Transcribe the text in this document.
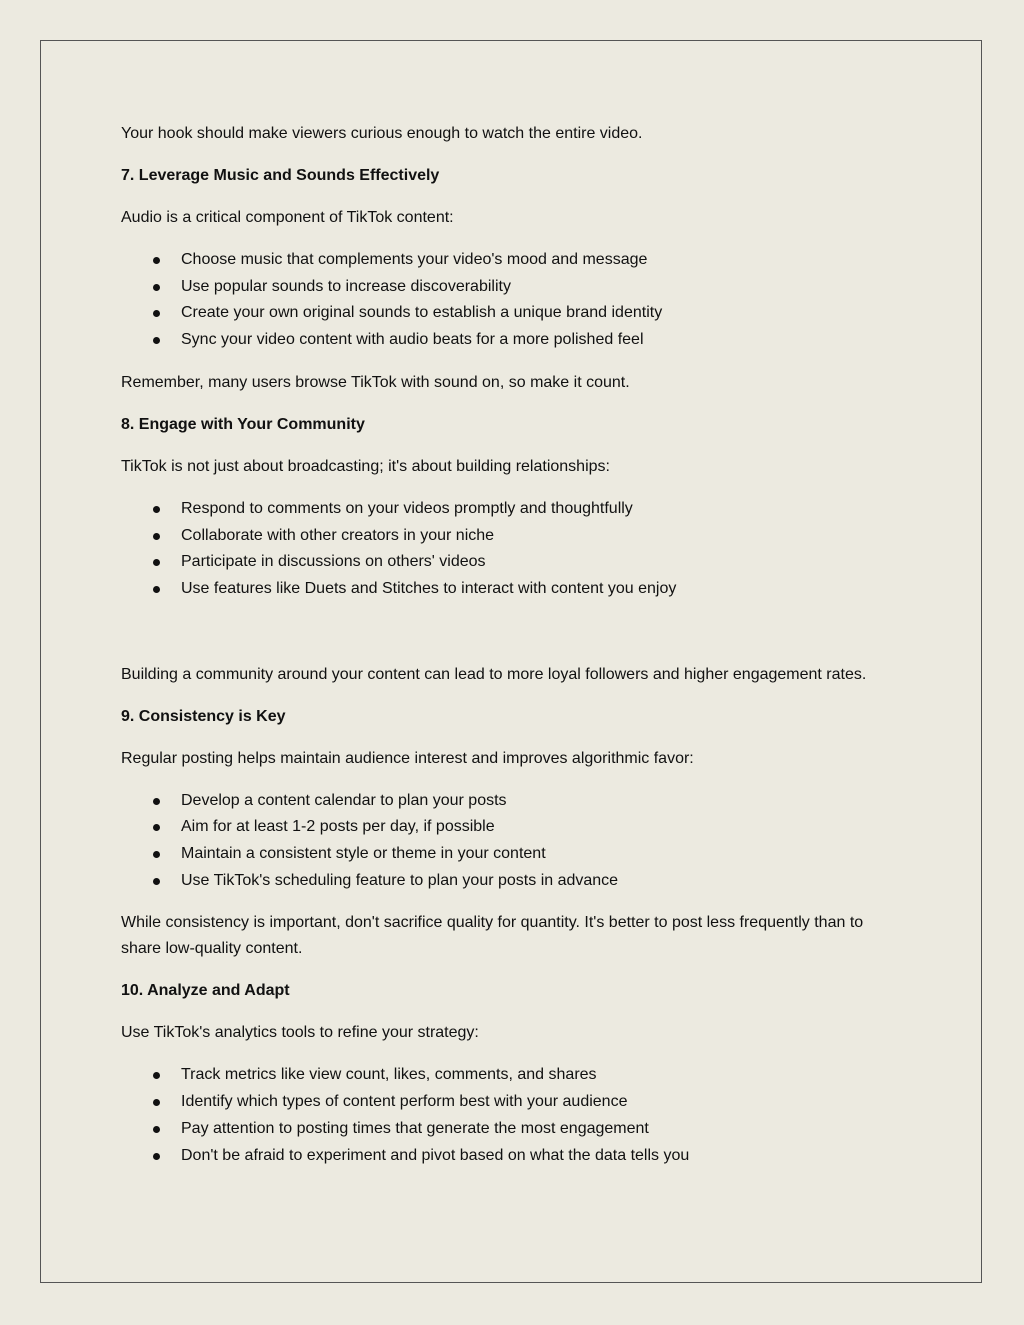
Your hook should make viewers curious enough to watch the entire video.

7. Leverage Music and Sounds Effectively

Audio is a critical component of TikTok content:

Choose music that complements your video's mood and message
Use popular sounds to increase discoverability
Create your own original sounds to establish a unique brand identity
Sync your video content with audio beats for a more polished feel

Remember, many users browse TikTok with sound on, so make it count.

8. Engage with Your Community

TikTok is not just about broadcasting; it's about building relationships:

Respond to comments on your videos promptly and thoughtfully
Collaborate with other creators in your niche
Participate in discussions on others' videos
Use features like Duets and Stitches to interact with content you enjoy

Building a community around your content can lead to more loyal followers and higher engagement rates.

9. Consistency is Key

Regular posting helps maintain audience interest and improves algorithmic favor:

Develop a content calendar to plan your posts
Aim for at least 1-2 posts per day, if possible
Maintain a consistent style or theme in your content
Use TikTok's scheduling feature to plan your posts in advance

While consistency is important, don't sacrifice quality for quantity. It's better to post less frequently than to share low-quality content.

10. Analyze and Adapt

Use TikTok's analytics tools to refine your strategy:

Track metrics like view count, likes, comments, and shares
Identify which types of content perform best with your audience
Pay attention to posting times that generate the most engagement
Don't be afraid to experiment and pivot based on what the data tells you
